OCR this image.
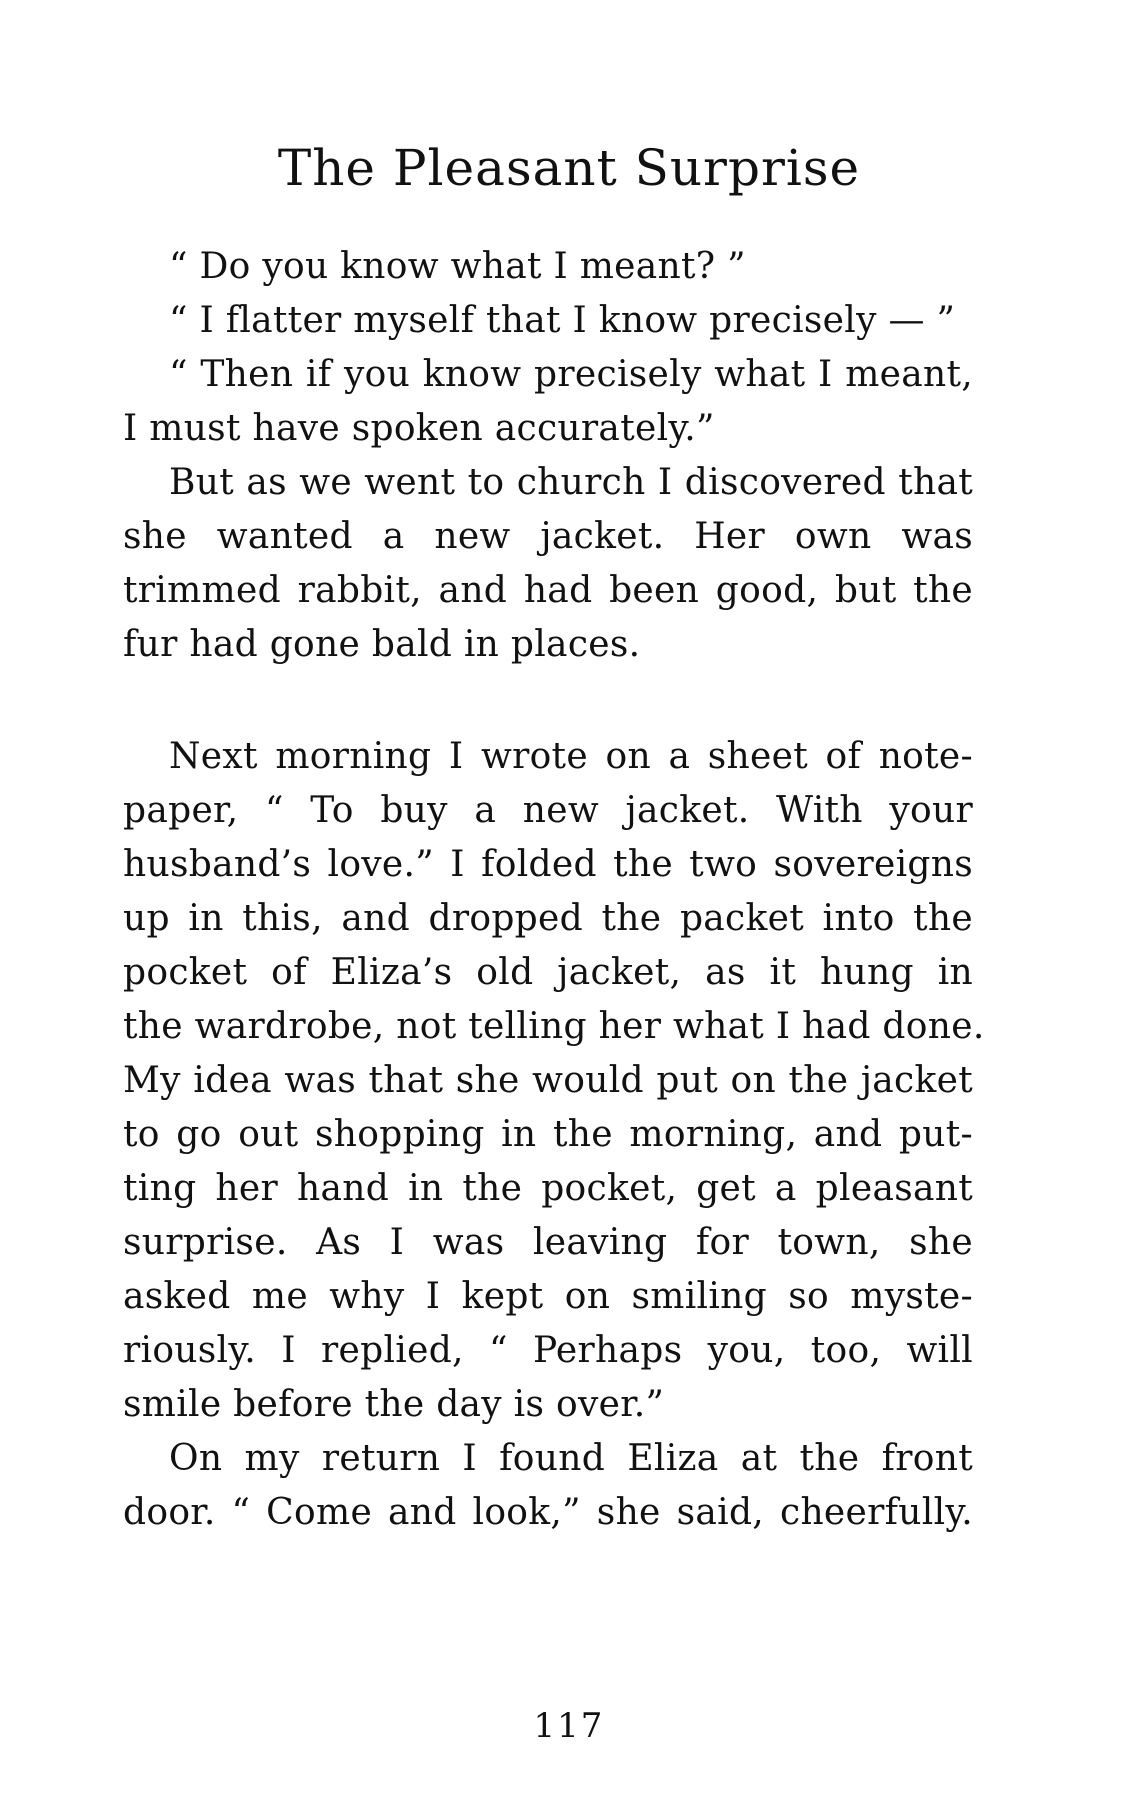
The Pleasant Surprise
“ Do you know what I meant? ”
“ I flatter myself that I know precisely — ”
“ Then if you know precisely what I meant,
I must have spoken accurately.”
But as we went to church I discovered that
she wanted a new jacket. Her own was
trimmed rabbit, and had been good, but the
fur had gone bald in places.
Next morning I wrote on a sheet of note-
paper, “ To buy a new jacket. With your
husband’s love.” I folded the two sovereigns
up in this, and dropped the packet into the
pocket of Eliza’s old jacket, as it hung in
the wardrobe, not telling her what I had done.
My idea was that she would put on the jacket
to go out shopping in the morning, and put-
ting her hand in the pocket, get a pleasant
surprise. As I was leaving for town, she
asked me why I kept on smiling so myste-
riously. I replied, “ Perhaps you, too, will
smile before the day is over.”
On my return I found Eliza at the front
door. “ Come and look,” she said, cheerfully.
117
